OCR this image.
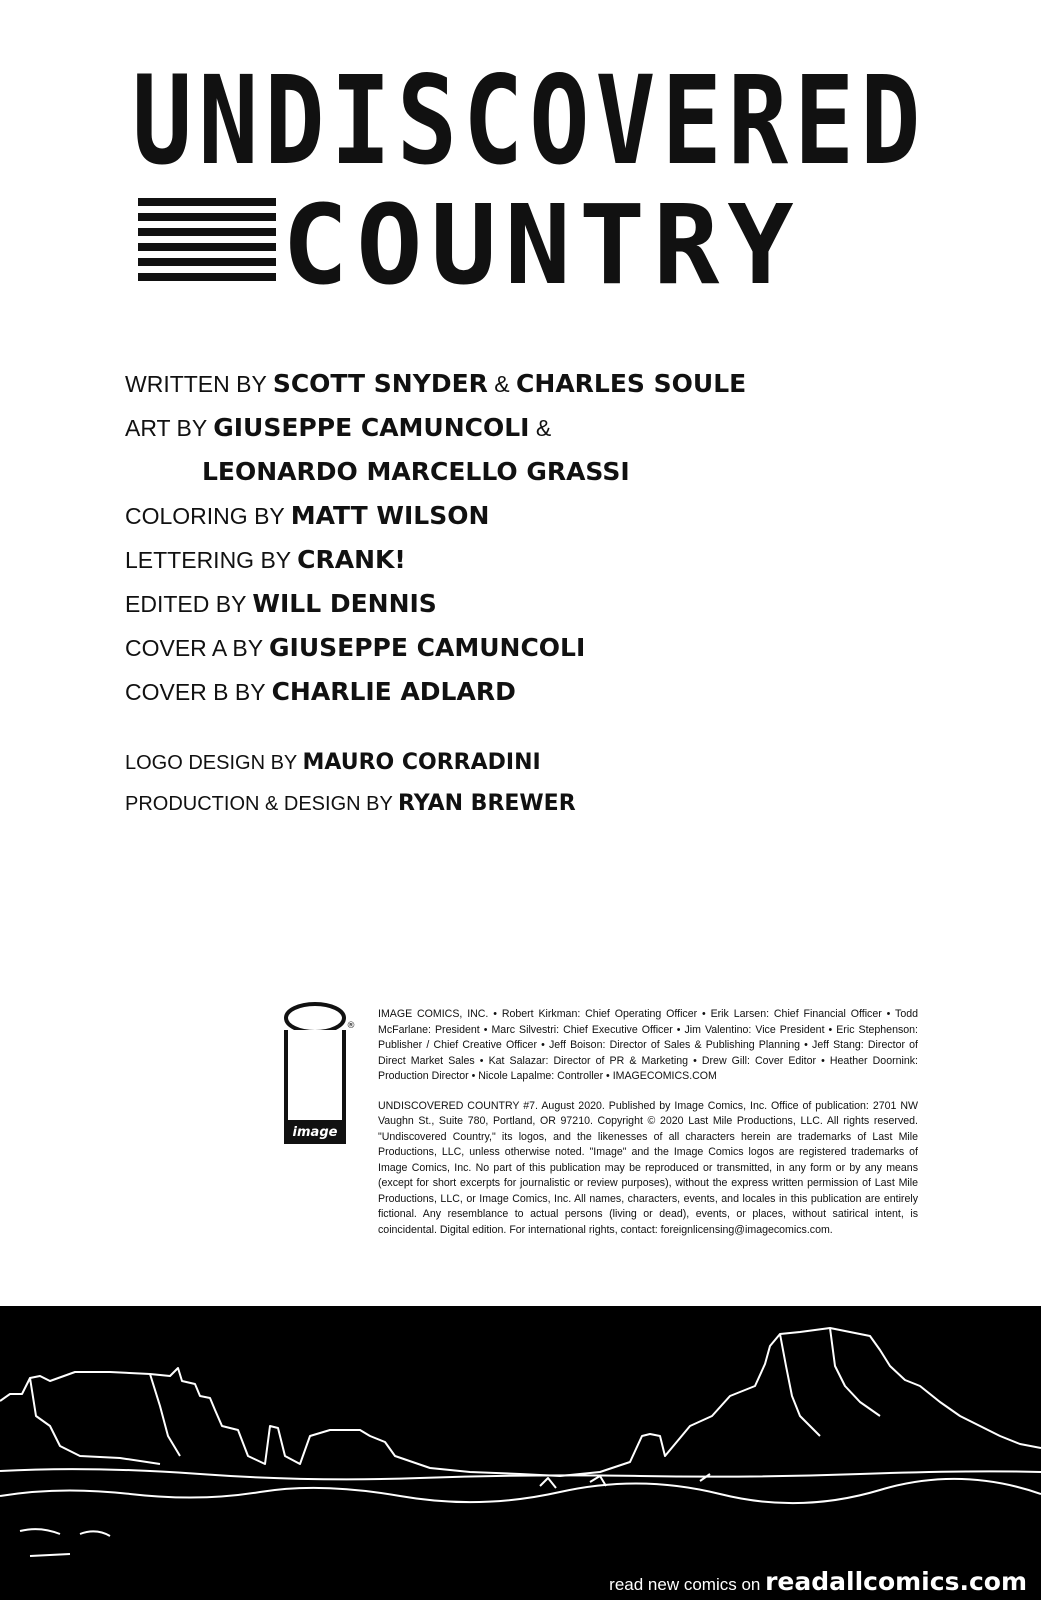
UNDISCOVERED
COUNTRY
WRITTEN BY SCOTT SNYDER & CHARLES SOULE
ART BY GIUSEPPE CAMUNCOLI &
LEONARDO MARCELLO GRASSI
COLORING BY MATT WILSON
LETTERING BY CRANK!
EDITED BY WILL DENNIS
COVER A BY GIUSEPPE CAMUNCOLI
COVER B BY CHARLIE ADLARD
LOGO DESIGN BY MAURO CORRADINI
PRODUCTION & DESIGN BY RYAN BREWER
image
®

IMAGE COMICS, INC. • Robert Kirkman: Chief Operating Officer • Erik Larsen: Chief Financial Officer • Todd McFarlane: President • Marc Silvestri: Chief Executive Officer • Jim Valentino: Vice President • Eric Stephenson: Publisher / Chief Creative Officer • Jeff Boison: Director of Sales & Publishing Planning • Jeff Stang: Director of Direct Market Sales • Kat Salazar: Director of PR & Marketing • Drew Gill: Cover Editor • Heather Doornink: Production Director • Nicole Lapalme: Controller • IMAGECOMICS.COM

UNDISCOVERED COUNTRY #7. August 2020. Published by Image Comics, Inc. Office of publication: 2701 NW Vaughn St., Suite 780, Portland, OR 97210. Copyright © 2020 Last Mile Productions, LLC. All rights reserved. "Undiscovered Country," its logos, and the likenesses of all characters herein are trademarks of Last Mile Productions, LLC, unless otherwise noted. "Image" and the Image Comics logos are registered trademarks of Image Comics, Inc. No part of this publication may be reproduced or transmitted, in any form or by any means (except for short excerpts for journalistic or review purposes), without the express written permission of Last Mile Productions, LLC, or Image Comics, Inc. All names, characters, events, and locales in this publication are entirely fictional. Any resemblance to actual persons (living or dead), events, or places, without satirical intent, is coincidental. Digital edition. For international rights, contact: foreignlicensing@imagecomics.com.

read new comics on readallcomics.com
